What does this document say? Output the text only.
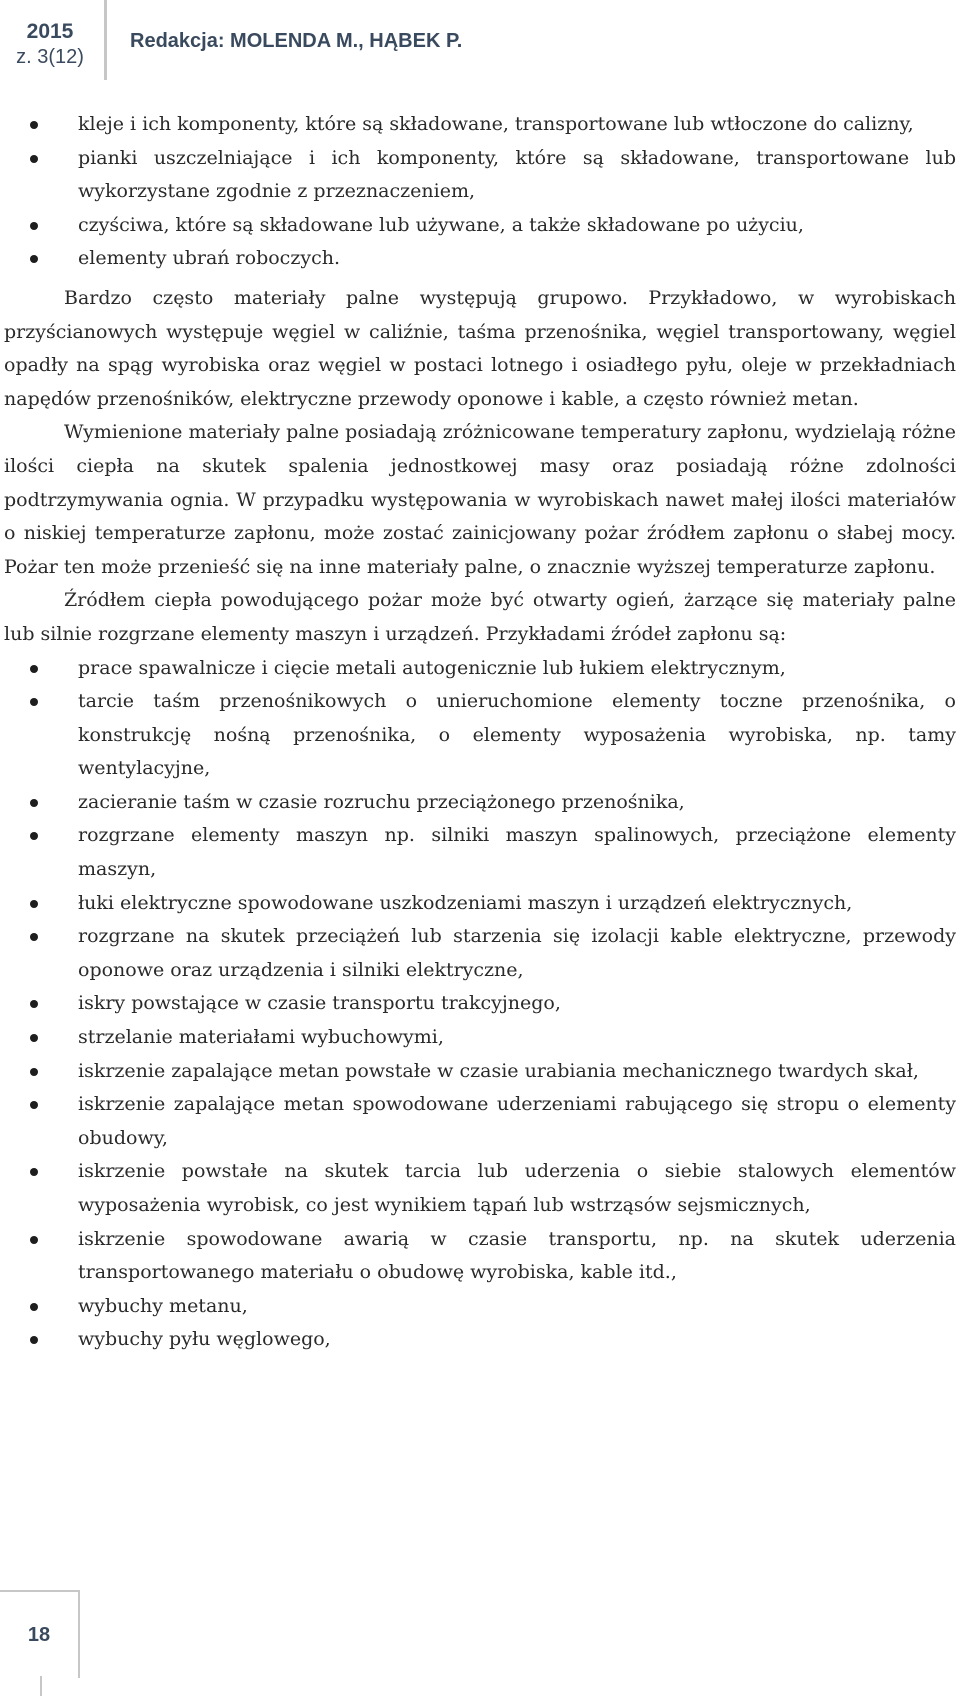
2015
z. 3(12)
Redakcja: MOLENDA M., HĄBEK P.
kleje i ich komponenty, które są składowane, transportowane lub wtłoczone do calizny,
pianki uszczelniające i ich komponenty, które są składowane, transportowane lub wykorzystane zgodnie z przeznaczeniem,
czyściwa, które są składowane lub używane, a także składowane po użyciu,
elementy ubrań roboczych.

Bardzo często materiały palne występują grupowo. Przykładowo, w wyrobiskach przyścianowych występuje węgiel w caliźnie, taśma przenośnika, węgiel transportowany, węgiel opadły na spąg wyrobiska oraz węgiel w postaci lotnego i osiadłego pyłu, oleje w przekładniach napędów przenośników, elektryczne przewody oponowe i kable, a często również metan.

Wymienione materiały palne posiadają zróżnicowane temperatury zapłonu, wydzielają różne ilości ciepła na skutek spalenia jednostkowej masy oraz posiadają różne zdolności podtrzymywania ognia. W przypadku występowania w wyrobiskach nawet małej ilości materiałów o niskiej temperaturze zapłonu, może zostać zainicjowany pożar źródłem zapłonu o słabej mocy. Pożar ten może przenieść się na inne materiały palne, o znacznie wyższej temperaturze zapłonu.

Źródłem ciepła powodującego pożar może być otwarty ogień, żarzące się materiały palne lub silnie rozgrzane elementy maszyn i urządzeń. Przykładami źródeł zapłonu są:

prace spawalnicze i cięcie metali autogenicznie lub łukiem elektrycznym,
tarcie taśm przenośnikowych o unieruchomione elementy toczne przenośnika, o konstrukcję nośną przenośnika, o elementy wyposażenia wyrobiska, np. tamy wentylacyjne,
zacieranie taśm w czasie rozruchu przeciążonego przenośnika,
rozgrzane elementy maszyn np. silniki maszyn spalinowych, przeciążone elementy maszyn,
łuki elektryczne spowodowane uszkodzeniami maszyn i urządzeń elektrycznych,
rozgrzane na skutek przeciążeń lub starzenia się izolacji kable elektryczne, przewody oponowe oraz urządzenia i silniki elektryczne,
iskry powstające w czasie transportu trakcyjnego,
strzelanie materiałami wybuchowymi,
iskrzenie zapalające metan powstałe w czasie urabiania mechanicznego twardych skał,
iskrzenie zapalające metan spowodowane uderzeniami rabującego się stropu o elementy obudowy,
iskrzenie powstałe na skutek tarcia lub uderzenia o siebie stalowych elementów wyposażenia wyrobisk, co jest wynikiem tąpań lub wstrząsów sejsmicznych,
iskrzenie spowodowane awarią w czasie transportu, np. na skutek uderzenia transportowanego materiału o obudowę wyrobiska, kable itd.,
wybuchy metanu,
wybuchy pyłu węglowego,
18
